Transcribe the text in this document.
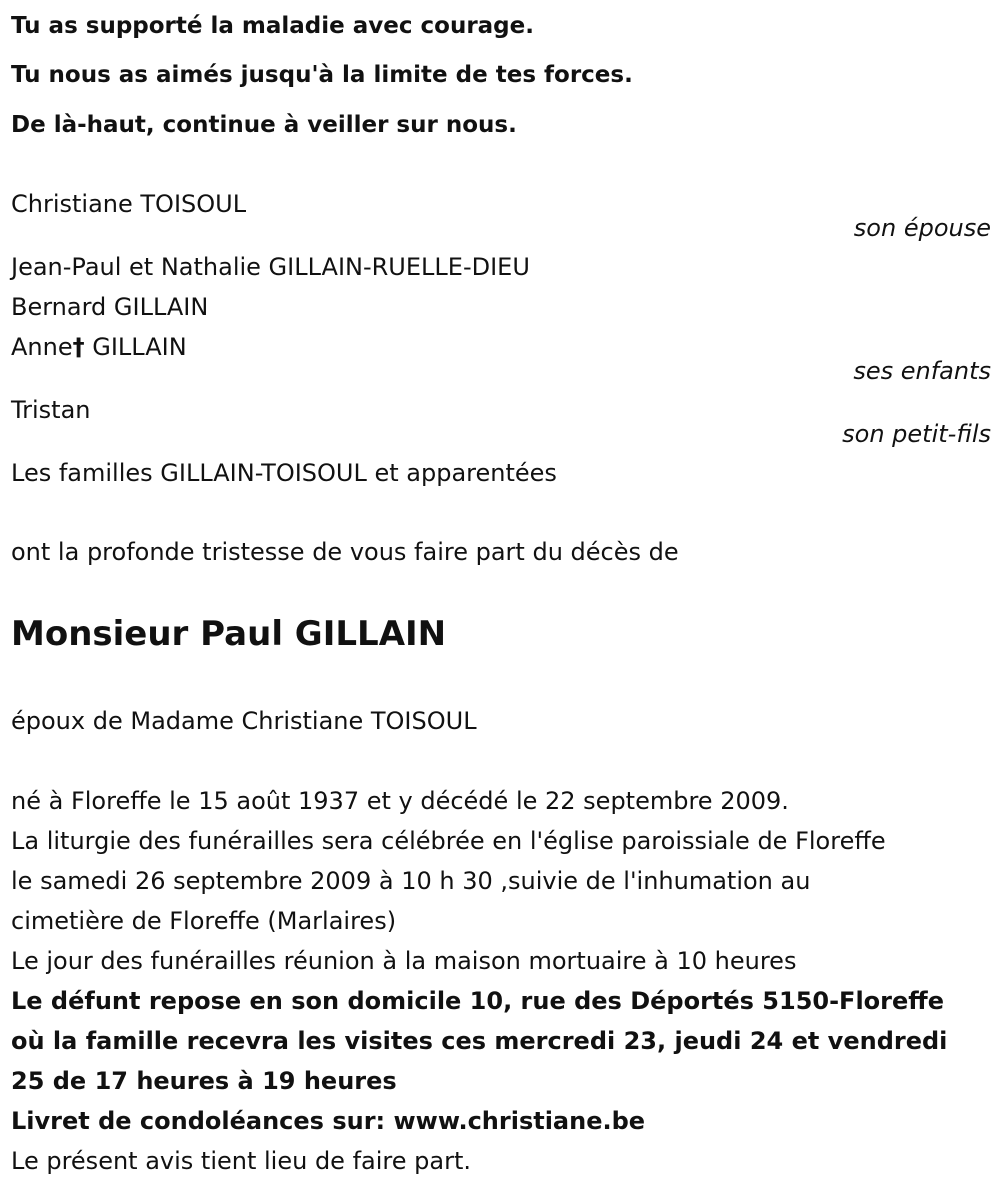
Tu as supporté la maladie avec courage.
Tu nous as aimés jusqu'à la limite de tes forces.
De là-haut, continue à veiller sur nous.
Christiane TOISOUL
son épouse
Jean-Paul et Nathalie GILLAIN-RUELLE-DIEU
Bernard GILLAIN
Anne† GILLAIN
ses enfants
Tristan
son petit-fils
Les familles GILLAIN-TOISOUL et apparentées
ont la profonde tristesse de vous faire part du décès de
Monsieur Paul GILLAIN
époux de Madame Christiane TOISOUL
né à Floreffe le 15 août 1937 et y décédé le 22 septembre 2009.
La liturgie des funérailles sera célébrée en l'église paroissiale de Floreffe
le samedi 26 septembre 2009 à 10 h 30 ,suivie de l'inhumation au
cimetière de Floreffe (Marlaires)
Le jour des funérailles réunion à la maison mortuaire à 10 heures
Le défunt repose en son domicile 10, rue des Déportés 5150-Floreffe
où la famille recevra les visites ces mercredi 23, jeudi 24 et vendredi
25 de 17 heures à 19 heures
Livret de condoléances sur: www.christiane.be
Le présent avis tient lieu de faire part.
